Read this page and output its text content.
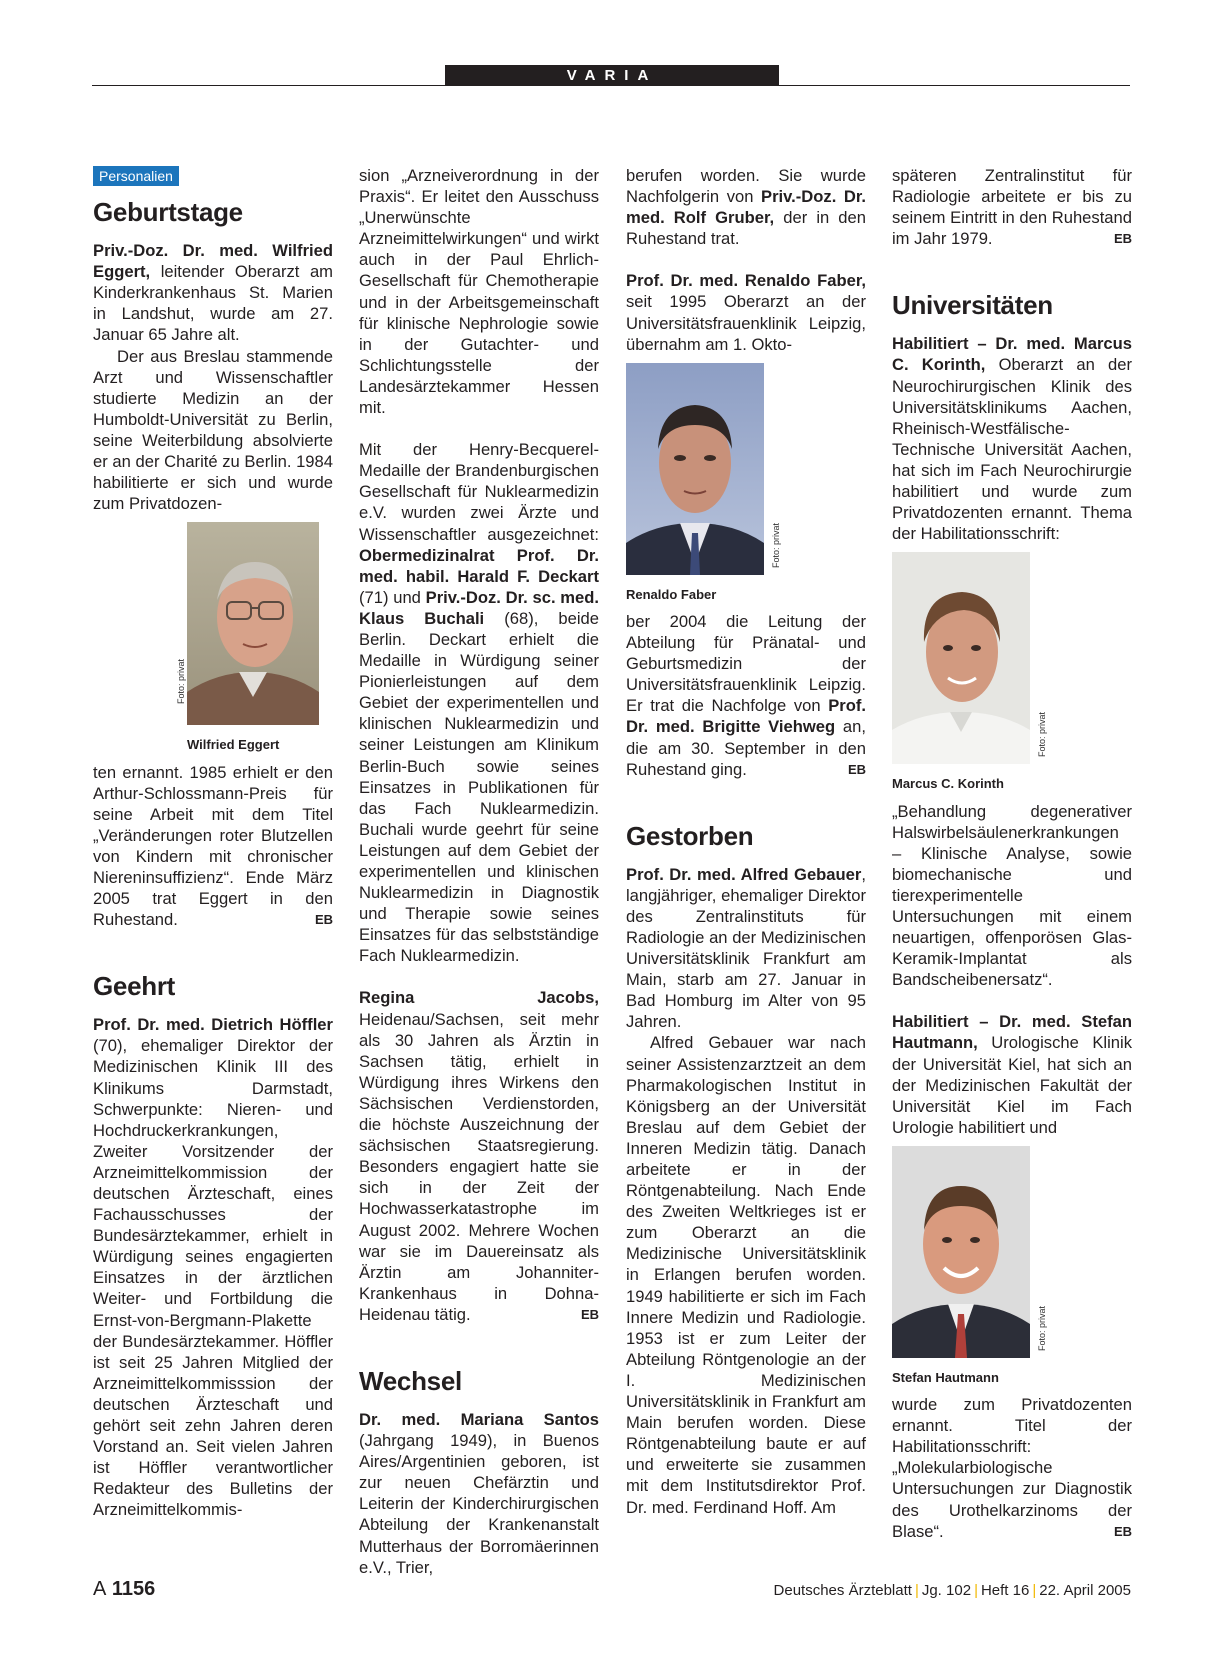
VARIA
Personalien
Geburtstage

Priv.-Doz. Dr. med. Wilfried Eggert, leitender Oberarzt am Kinderkrankenhaus St. Marien in Landshut, wurde am 27. Januar 65 Jahre alt.

Der aus Breslau stammende Arzt und Wissenschaftler studierte Medizin an der Humboldt-Universität zu Berlin, seine Weiterbildung absolvierte er an der Charité zu Berlin. 1984 habilitierte er sich und wurde zum Privatdozen-

Foto: privat
Wilfried Eggert

ten ernannt. 1985 erhielt er den Arthur-Schlossmann-Preis für seine Arbeit mit dem Titel „Veränderungen roter Blutzellen von Kindern mit chronischer Niereninsuffizienz“. Ende März 2005 trat Eggert in den Ruhestand.	EB

Geehrt

Prof. Dr. med. Dietrich Höffler (70), ehemaliger Direktor der Medizinischen Klinik III des Klinikums Darmstadt, Schwerpunkte: Nieren- und Hochdruckerkrankungen, Zweiter Vorsitzender der Arzneimittelkommission der deutschen Ärzteschaft, eines Fachausschusses der Bundesärztekammer, erhielt in Würdigung seines engagierten Einsatzes in der ärztlichen Weiter- und Fortbildung die Ernst-von-Bergmann-Plakette der Bundesärztekammer. Höffler ist seit 25 Jahren Mitglied der Arzneimittelkommisssion der deutschen Ärzteschaft und gehört seit zehn Jahren deren Vorstand an. Seit vielen Jahren ist Höffler verantwortlicher Redakteur des Bulletins der Arzneimittelkommis-

sion „Arzneiverordnung in der Praxis“. Er leitet den Ausschuss „Unerwünschte Arzneimittelwirkungen“ und wirkt auch in der Paul Ehrlich-Gesellschaft für Chemotherapie und in der Arbeitsgemeinschaft für klinische Nephrologie sowie in der Gutachter- und Schlichtungsstelle der Landesärztekammer Hessen mit.

Mit der Henry-Becquerel-Medaille der Brandenburgischen Gesellschaft für Nuklearmedizin e.V. wurden zwei Ärzte und Wissenschaftler ausgezeichnet: Obermedizinalrat Prof. Dr. med. habil. Harald F. Deckart (71) und Priv.-Doz. Dr. sc. med. Klaus Buchali (68), beide Berlin. Deckart erhielt die Medaille in Würdigung seiner Pionierleistungen auf dem Gebiet der experimentellen und klinischen Nuklearmedizin und seiner Leistungen am Klinikum Berlin-Buch sowie seines Einsatzes in Publikationen für das Fach Nuklearmedizin. Buchali wurde geehrt für seine Leistungen auf dem Gebiet der experimentellen und klinischen Nuklearmedizin in Diagnostik und Therapie sowie seines Einsatzes für das selbstständige Fach Nuklearmedizin.

Regina Jacobs, Heidenau/Sachsen, seit mehr als 30 Jahren als Ärztin in Sachsen tätig, erhielt in Würdigung ihres Wirkens den Sächsischen Verdienstorden, die höchste Auszeichnung der sächsischen Staatsregierung. Besonders engagiert hatte sie sich in der Zeit der Hochwasserkatastrophe im August 2002. Mehrere Wochen war sie im Dauereinsatz als Ärztin am Johanniter-Krankenhaus in Dohna-Heidenau tätig.	EB

Wechsel

Dr. med. Mariana Santos (Jahrgang 1949), in Buenos Aires/Argentinien geboren, ist zur neuen Chefärztin und Leiterin der Kinderchirurgischen Abteilung der Krankenanstalt Mutterhaus der Borromäerinnen e.V., Trier,

berufen worden. Sie wurde Nachfolgerin von Priv.-Doz. Dr. med. Rolf Gruber, der in den Ruhestand trat.

Prof. Dr. med. Renaldo Faber, seit 1995 Oberarzt an der Universitätsfrauenklinik Leipzig, übernahm am 1. Okto-

Foto: privat
Renaldo Faber

ber 2004 die Leitung der Abteilung für Pränatal- und Geburtsmedizin der Universitätsfrauenklinik Leipzig. Er trat die Nachfolge von Prof. Dr. med. Brigitte Viehweg an, die am 30. September in den Ruhestand ging.	EB

Gestorben

Prof. Dr. med. Alfred Gebauer, langjähriger, ehemaliger Direktor des Zentralinstituts für Radiologie an der Medizinischen Universitätsklinik Frankfurt am Main, starb am 27. Januar in Bad Homburg im Alter von 95 Jahren.

Alfred Gebauer war nach seiner Assistenzarztzeit an dem Pharmakologischen Institut in Königsberg an der Universität Breslau auf dem Gebiet der Inneren Medizin tätig. Danach arbeitete er in der Röntgenabteilung. Nach Ende des Zweiten Weltkrieges ist er zum Oberarzt an die Medizinische Universitätsklinik in Erlangen berufen worden. 1949 habilitierte er sich im Fach Innere Medizin und Radiologie. 1953 ist er zum Leiter der Abteilung Röntgenologie an der I. Medizinischen Universitätsklinik in Frankfurt am Main berufen worden. Diese Röntgenabteilung baute er auf und erweiterte sie zusammen mit dem Institutsdirektor Prof. Dr. med. Ferdinand Hoff. Am

späteren Zentralinstitut für Radiologie arbeitete er bis zu seinem Eintritt in den Ruhestand im Jahr 1979.	EB

Universitäten

Habilitiert – Dr. med. Marcus C. Korinth, Oberarzt an der Neurochirurgischen Klinik des Universitätsklinikums Aachen, Rheinisch-Westfälische-Technische Universität Aachen, hat sich im Fach Neurochirurgie habilitiert und wurde zum Privatdozenten ernannt. Thema der Habilitationsschrift:

Foto: privat
Marcus C. Korinth

„Behandlung degenerativer Halswirbelsäulenerkrankungen – Klinische Analyse, sowie biomechanische und tierexperimentelle Untersuchungen mit einem neuartigen, offenporösen Glas-Keramik-Implantat als Bandscheibenersatz“.

Habilitiert – Dr. med. Stefan Hautmann, Urologische Klinik der Universität Kiel, hat sich an der Medizinischen Fakultät der Universität Kiel im Fach Urologie habilitiert und

Foto: privat
Stefan Hautmann

wurde zum Privatdozenten ernannt. Titel der Habilitationsschrift: „Molekularbiologische Untersuchungen zur Diagnostik des Urothelkarzinoms der Blase“.	EB

A 1156	Deutsches Ärzteblatt | Jg. 102 | Heft 16 | 22. April 2005
